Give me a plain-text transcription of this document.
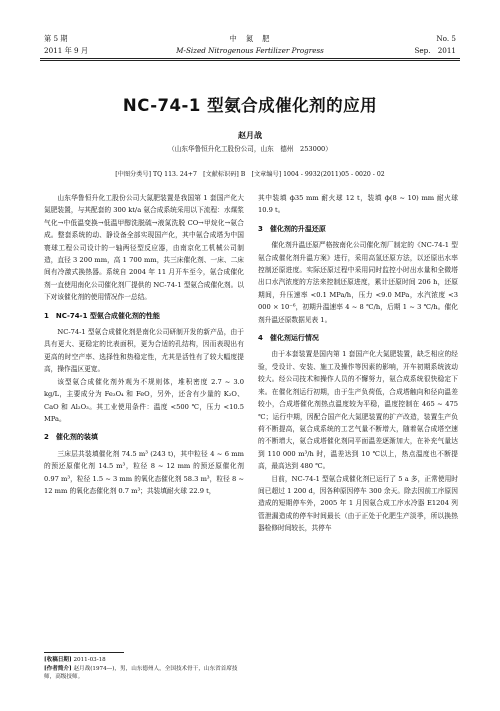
第 5 期
2011 年 9 月
中　氮　肥
M-Sized Nitrogenous Fertilizer Progress
No. 5
Sep.　2011
NC-74-1 型氨合成催化剂的应用
赵月战
（山东华鲁恒升化工股份公司，山东　德州　253000）
[中图分类号] TQ 113. 24+7　[文献标识码] B　[文章编号] 1004 - 9932(2011)05 - 0020 - 02

山东华鲁恒升化工股份公司大氮肥装置是我国第 1 套国产化大氮肥装置，与其配套的 300 kt/a 氨合成系统采用以下流程：水煤浆气化→中低温变换→低温甲醇洗脱硫→液氮洗脱 CO→甲烷化→氨合成。整套系统的动、静设备全部实现国产化，其中氨合成塔为中国寰球工程公司设计的一轴两径型反应器，由南京化工机械公司制造，直径 3 200 mm，高 1 700 mm，共三床催化剂、一床、二床间有冷激式换热器。系统自 2004 年 11 月开车至今，氨合成催化剂一直使用南化公司催化剂厂提供的 NC-74-1 型氨合成催化剂。以下对该催化剂的使用情况作一总结。

1　NC-74-1 型氨合成催化剂的性能

NC-74-1 型氨合成催化剂是南化公司研制开发的新产品，由于具有更大、更稳定的比表面积，更为合适的孔结构，因而表现出有更高的时空产率、选择性和热稳定性，尤其是活性有了较大幅度提高，操作温区更宽。

该型氨合成催化剂外观为不规则体，堆积密度 2.7 ~ 3.0 kg/L，主要成分为 Fe₃O₄ 和 FeO，另外，还含有少量的 K₂O、CaO 和 Al₂O₃。其工业使用条件：温度 <500 ℃，压力 <10.5 MPa。

2　催化剂的装填

三床层共装填催化剂 74.5 m³ (243 t)，其中粒径 4 ~ 6 mm 的预还原催化剂 14.5 m³，粒径 8 ~ 12 mm 的预还原催化剂 0.97 m³，粒径 1.5 ~ 3 mm 的氧化态催化剂 58.3 m³，粒径 8 ~ 12 mm 的氧化态催化剂 0.7 m³；共装填耐火球 22.9 t，

其中装填 ф35 mm 耐火球 12 t，装填 ф(8 ~ 10) mm 耐火球 10.9 t。

3　催化剂的升温还原

催化剂升温还原严格按南化公司催化剂厂制定的《NC-74-1 型氨合成催化剂升温方案》进行，采用高氢还原方法，以还原出水率控制还原进度。实际还原过程中采用同时监控小时出水量和全微塔出口水汽浓度的方法来控制还原进度，累计还原时间 206 h，还原期间，升压速率 <0.1 MPa/h，压力 <9.0 MPa，水汽浓度 <3 000 × 10⁻⁶，初期升温速率 4 ~ 8 ℃/h，后期 1 ~ 3 ℃/h。催化剂升温还原数据见表 1。

4　催化剂运行情况

由于本套装置是国内第 1 套国产化大氮肥装置，缺乏相应的经验，受设计、安装、施工及操作等因素的影响，开车初期系统波动较大。经公司技术和操作人员的不懈努力，氨合成系统很快稳定下来。在催化剂运行初期，由于生产负荷低，合成塔触向和径向温差较小，合成塔催化剂热点温度较为平稳，温度控制在 465 ~ 475 ℃；运行中期，因配合国产化大氮肥装置的扩产改造，装置生产负荷不断提高，氨合成系统的工艺气量不断增大，随着氨合成塔空速的不断增大，氨合成塔催化剂同平面温差逐渐加大，在补充气量达到 110 000 m³/h 时，温差达到 10 ℃以上，热点温度也不断提高，最高达到 480 ℃。

目前，NC-74-1 型氨合成催化剂已运行了 5 a 多，正常使用时间已超过 1 200 d，因各种原因停车 300 余天。除去因前工序原因造成的短期停车外，2005 年 1 月因氨合成工序水冷器 E1204 列管泄漏造成的停车时间最长（由于正处于化肥生产淡季，所以换热器检修时间较长，共停车

[收稿日期] 2011-03-18
[作者简介] 赵月战(1974—)，男，山东德州人，全国技术骨干，山东省首席技师，高级技师。
